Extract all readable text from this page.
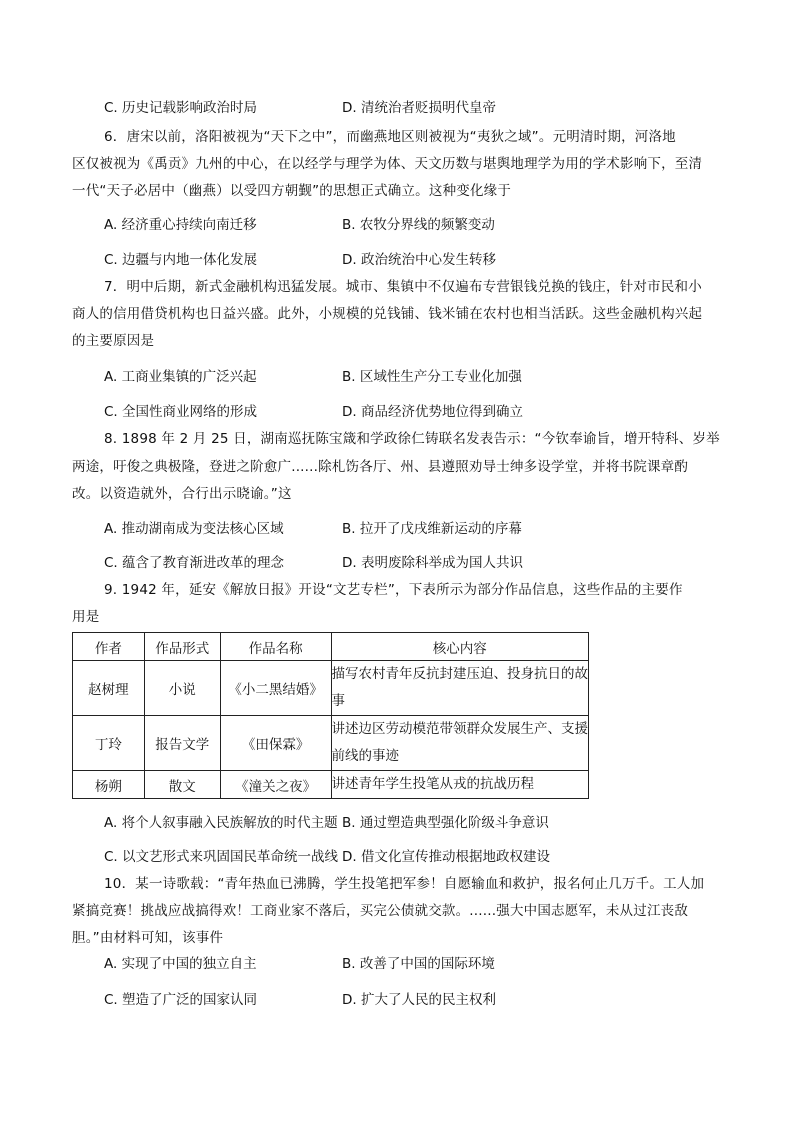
C. 历史记载影响政治时局	D. 清统治者贬损明代皇帝
6．唐宋以前，洛阳被视为“天下之中”，而幽燕地区则被视为“夷狄之域”。元明清时期，河洛地
区仅被视为《禹贡》九州的中心，在以经学与理学为体、天文历数与堪舆地理学为用的学术影响下，至清
一代“天子必居中（幽燕）以受四方朝觐”的思想正式确立。这种变化缘于
A. 经济重心持续向南迁移	B. 农牧分界线的频繁变动
C. 边疆与内地一体化发展	D. 政治统治中心发生转移
7．明中后期，新式金融机构迅猛发展。城市、集镇中不仅遍布专营银钱兑换的钱庄，针对市民和小
商人的信用借贷机构也日益兴盛。此外，小规模的兑钱铺、钱米铺在农村也相当活跃。这些金融机构兴起
的主要原因是
A. 工商业集镇的广泛兴起	B. 区域性生产分工专业化加强
C. 全国性商业网络的形成	D. 商品经济优势地位得到确立
8. 1898 年 2 月 25 日，湖南巡抚陈宝箴和学政徐仁铸联名发表告示：“今钦奉谕旨，增开特科、岁举
两途，吁俊之典极隆，登进之阶愈广......除札饬各厅、州、县遵照劝导士绅多设学堂，并将书院课章酌
改。以资造就外，合行出示晓谕。”这
A. 推动湖南成为变法核心区域	B. 拉开了戊戌维新运动的序幕
C. 蕴含了教育渐进改革的理念	D. 表明废除科举成为国人共识
9. 1942 年，延安《解放日报》开设“文艺专栏”，下表所示为部分作品信息，这些作品的主要作
用是
作者	作品形式	作品名称	核心内容
赵树理	小说	《小二黑结婚》	描写农村青年反抗封建压迫、投身抗日的故事
丁玲	报告文学	《田保霖》	讲述边区劳动模范带领群众发展生产、支援前线的事迹
杨朔	散文	《潼关之夜》	讲述青年学生投笔从戎的抗战历程
A. 将个人叙事融入民族解放的时代主题 B. 通过塑造典型强化阶级斗争意识
C. 以文艺形式来巩固国民革命统一战线 D. 借文化宣传推动根据地政权建设
10．某一诗歌载：“青年热血已沸腾，学生投笔把军参！自愿输血和救护，报名何止几万千。工人加
紧搞竞赛！挑战应战搞得欢！工商业家不落后，买完公债就交款。......强大中国志愿军，未从过江丧敌
胆。”由材料可知，该事件
A. 实现了中国的独立自主	B. 改善了中国的国际环境
C. 塑造了广泛的国家认同	D. 扩大了人民的民主权利
